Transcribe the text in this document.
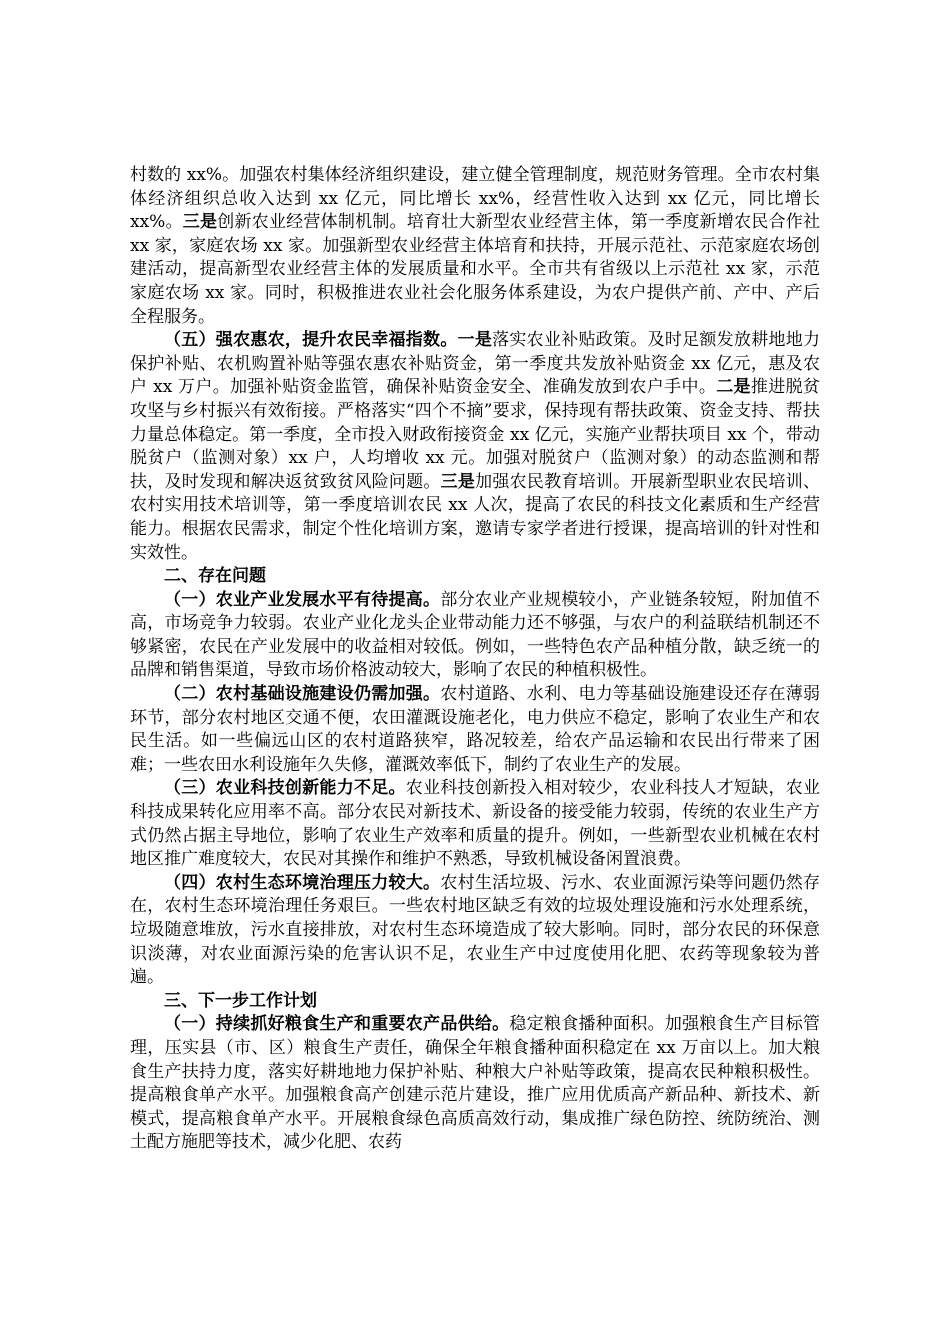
村数的 xx%。加强农村集体经济组织建设，建立健全管理制度，规范财务管理。全市农村集体经济组织总收入达到 xx 亿元，同比增长 xx%，经营性收入达到 xx 亿元，同比增长 xx%。三是创新农业经营体制机制。培育壮大新型农业经营主体，第一季度新增农民合作社 xx 家，家庭农场 xx 家。加强新型农业经营主体培育和扶持，开展示范社、示范家庭农场创建活动，提高新型农业经营主体的发展质量和水平。全市共有省级以上示范社 xx 家，示范家庭农场 xx 家。同时，积极推进农业社会化服务体系建设，为农户提供产前、产中、产后全程服务。

（五）强农惠农，提升农民幸福指数。一是落实农业补贴政策。及时足额发放耕地地力保护补贴、农机购置补贴等强农惠农补贴资金，第一季度共发放补贴资金 xx 亿元，惠及农户 xx 万户。加强补贴资金监管，确保补贴资金安全、准确发放到农户手中。二是推进脱贫攻坚与乡村振兴有效衔接。严格落实“四个不摘”要求，保持现有帮扶政策、资金支持、帮扶力量总体稳定。第一季度，全市投入财政衔接资金 xx 亿元，实施产业帮扶项目 xx 个，带动脱贫户（监测对象）xx 户，人均增收 xx 元。加强对脱贫户（监测对象）的动态监测和帮扶，及时发现和解决返贫致贫风险问题。三是加强农民教育培训。开展新型职业农民培训、农村实用技术培训等，第一季度培训农民 xx 人次，提高了农民的科技文化素质和生产经营能力。根据农民需求，制定个性化培训方案，邀请专家学者进行授课，提高培训的针对性和实效性。

二、存在问题

（一）农业产业发展水平有待提高。部分农业产业规模较小，产业链条较短，附加值不高，市场竞争力较弱。农业产业化龙头企业带动能力还不够强，与农户的利益联结机制还不够紧密，农民在产业发展中的收益相对较低。例如，一些特色农产品种植分散，缺乏统一的品牌和销售渠道，导致市场价格波动较大，影响了农民的种植积极性。

（二）农村基础设施建设仍需加强。农村道路、水利、电力等基础设施建设还存在薄弱环节，部分农村地区交通不便，农田灌溉设施老化，电力供应不稳定，影响了农业生产和农民生活。如一些偏远山区的农村道路狭窄，路况较差，给农产品运输和农民出行带来了困难；一些农田水利设施年久失修，灌溉效率低下，制约了农业生产的发展。

（三）农业科技创新能力不足。农业科技创新投入相对较少，农业科技人才短缺，农业科技成果转化应用率不高。部分农民对新技术、新设备的接受能力较弱，传统的农业生产方式仍然占据主导地位，影响了农业生产效率和质量的提升。例如，一些新型农业机械在农村地区推广难度较大，农民对其操作和维护不熟悉，导致机械设备闲置浪费。

（四）农村生态环境治理压力较大。农村生活垃圾、污水、农业面源污染等问题仍然存在，农村生态环境治理任务艰巨。一些农村地区缺乏有效的垃圾处理设施和污水处理系统，垃圾随意堆放，污水直接排放，对农村生态环境造成了较大影响。同时，部分农民的环保意识淡薄，对农业面源污染的危害认识不足，农业生产中过度使用化肥、农药等现象较为普遍。

三、下一步工作计划

（一）持续抓好粮食生产和重要农产品供给。稳定粮食播种面积。加强粮食生产目标管理，压实县（市、区）粮食生产责任，确保全年粮食播种面积稳定在 xx 万亩以上。加大粮食生产扶持力度，落实好耕地地力保护补贴、种粮大户补贴等政策，提高农民种粮积极性。提高粮食单产水平。加强粮食高产创建示范片建设，推广应用优质高产新品种、新技术、新模式，提高粮食单产水平。开展粮食绿色高质高效行动，集成推广绿色防控、统防统治、测土配方施肥等技术，减少化肥、农药
